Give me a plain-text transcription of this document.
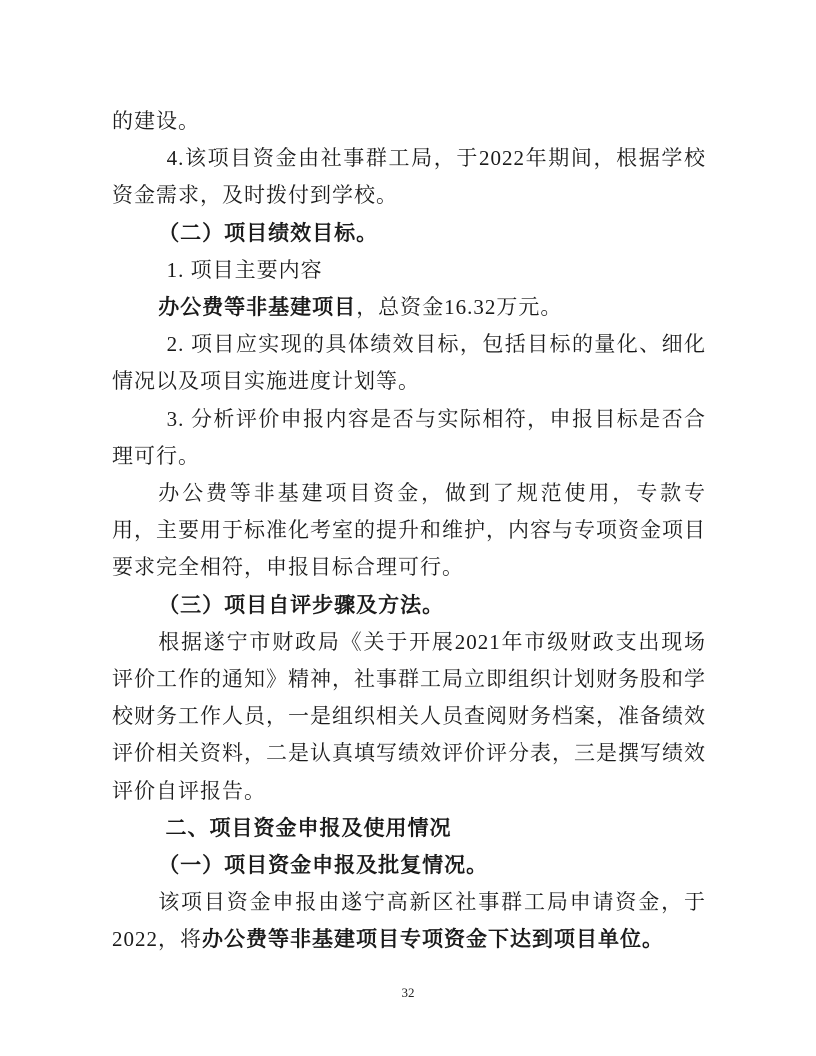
的建设。

4.该项目资金由社事群工局，于2022年期间，根据学校资金需求，及时拨付到学校。

（二）项目绩效目标。

1. 项目主要内容

办公费等非基建项目，总资金16.32万元。

2. 项目应实现的具体绩效目标，包括目标的量化、细化情况以及项目实施进度计划等。

3. 分析评价申报内容是否与实际相符，申报目标是否合理可行。

办公费等非基建项目资金，做到了规范使用，专款专用，主要用于标准化考室的提升和维护，内容与专项资金项目要求完全相符，申报目标合理可行。

（三）项目自评步骤及方法。

根据遂宁市财政局《关于开展2021年市级财政支出现场评价工作的通知》精神，社事群工局立即组织计划财务股和学校财务工作人员，一是组织相关人员查阅财务档案，准备绩效评价相关资料，二是认真填写绩效评价评分表，三是撰写绩效评价自评报告。

二、项目资金申报及使用情况

（一）项目资金申报及批复情况。

该项目资金申报由遂宁高新区社事群工局申请资金，于2022，将办公费等非基建项目专项资金下达到项目单位。

32
